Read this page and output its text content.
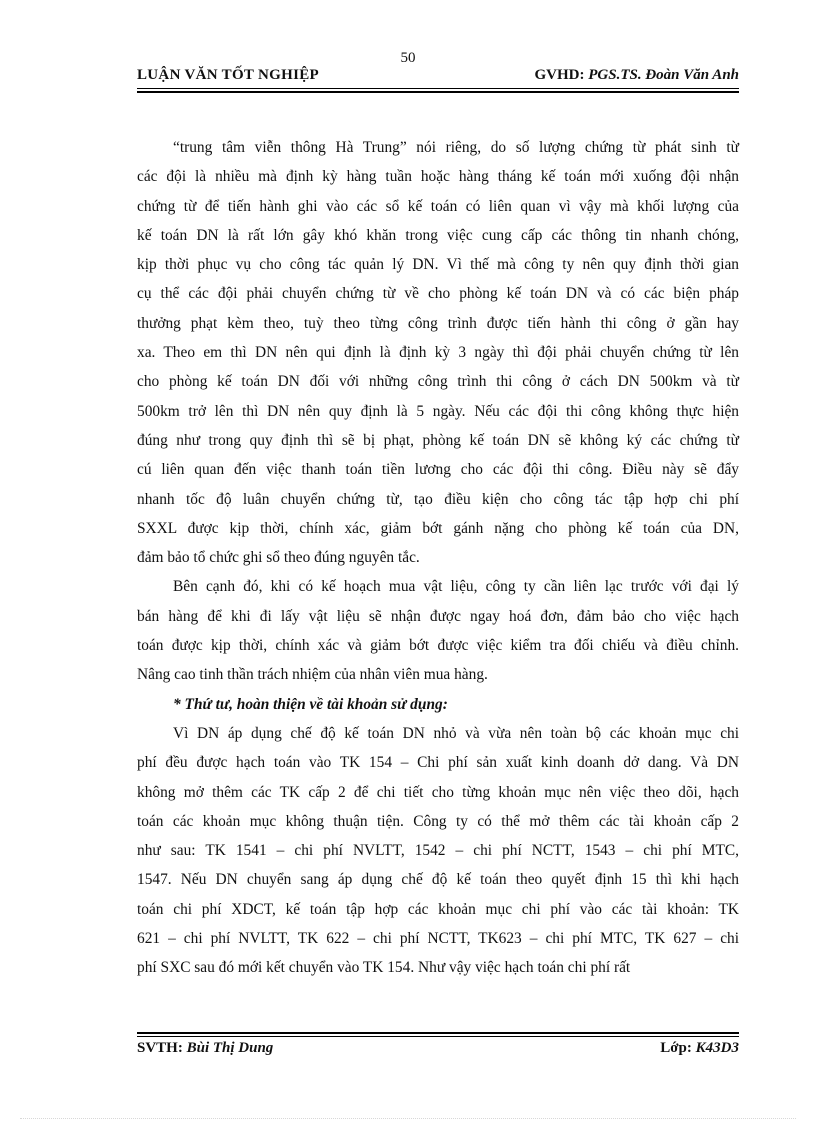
50
LUẬN VĂN TỐT NGHIỆP	GVHD: PGS.TS. Đoàn Văn Anh
“trung tâm viễn thông Hà Trung” nói riêng, do số lượng chứng từ phát sinh từ
các đội là nhiều mà định kỳ hàng tuần hoặc hàng tháng kế toán mới xuống đội nhận
chứng từ để tiến hành ghi vào các sổ kế toán có liên quan vì vậy mà khối lượng của
kế toán DN là rất lớn gây khó khăn trong việc cung cấp các thông tin nhanh chóng,
kịp thời phục vụ cho công tác quản lý DN. Vì thế mà công ty nên quy định thời gian
cụ thể các đội phải chuyển chứng từ về cho phòng kế toán DN và có các biện pháp
thưởng phạt kèm theo, tuỳ theo từng công trình được tiến hành thi công ở gần hay
xa. Theo em thì DN nên qui định là định kỳ 3 ngày thì đội phải chuyển chứng từ lên
cho phòng kế toán DN đối với những công trình thi công ở cách DN 500km và từ
500km trở lên thì DN nên quy định là 5 ngày. Nếu các đội thi công không thực hiện
đúng như trong quy định thì sẽ bị phạt, phòng kế toán DN sẽ không ký các chứng từ
cú liên quan đến việc thanh toán tiền lương cho các đội thi công. Điều này sẽ đẩy
nhanh tốc độ luân chuyển chứng từ, tạo điều kiện cho công tác tập hợp chi phí
SXXL được kịp thời, chính xác, giảm bớt gánh nặng cho phòng kế toán của DN,
đảm bảo tổ chức ghi sổ theo đúng nguyên tắc.
Bên cạnh đó, khi có kế hoạch mua vật liệu, công ty cần liên lạc trước với đại lý
bán hàng để khi đi lấy vật liệu sẽ nhận được ngay hoá đơn, đảm bảo cho việc hạch
toán được kịp thời, chính xác và giảm bớt được việc kiểm tra đối chiếu và điều chỉnh.
Nâng cao tinh thần trách nhiệm của nhân viên mua hàng.
* Thứ tư, hoàn thiện về tài khoản sử dụng:
Vì DN áp dụng chế độ kế toán DN nhỏ và vừa nên toàn bộ các khoản mục chi
phí đều được hạch toán vào TK 154 – Chi phí sản xuất kinh doanh dở dang. Và DN
không mở thêm các TK cấp 2 để chi tiết cho từng khoản mục nên việc theo dõi, hạch
toán các khoản mục không thuận tiện. Công ty có thể mở thêm các tài khoản cấp 2
như sau: TK 1541 – chi phí NVLTT, 1542 – chi phí NCTT, 1543 – chi phí MTC,
1547. Nếu DN chuyển sang áp dụng chế độ kế toán theo quyết định 15 thì khi hạch
toán chi phí XDCT, kế toán tập hợp các khoản mục chi phí vào các tài khoản: TK
621 – chi phí NVLTT, TK 622 – chi phí NCTT, TK623 – chi phí MTC, TK 627 – chi
phí SXC sau đó mới kết chuyển vào TK 154. Như vậy việc hạch toán chi phí rất
SVTH: Bùi Thị Dung	Lớp: K43D3
